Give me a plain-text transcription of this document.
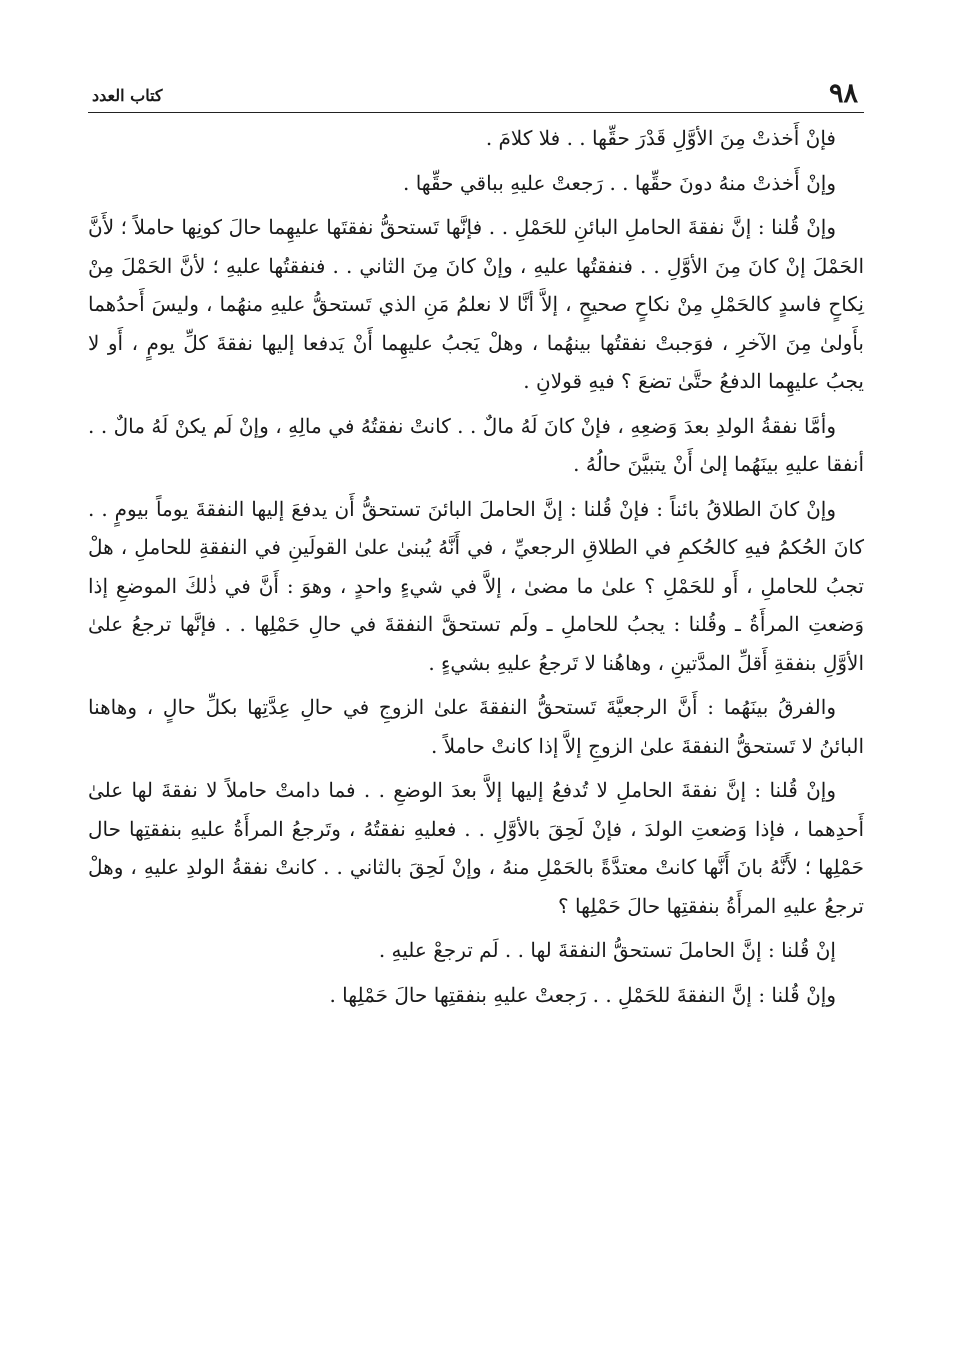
٩٨
كتاب العدد

فإنْ أَخذتْ مِنَ الأوَّلِ قَدْرَ حقِّها . . فلا كلامَ .

وإنْ أَخذتْ منهُ دونَ حقِّها . . رَجعتْ عليهِ بباقي حقِّها .

وإنْ قُلنا : إنَّ نفقةَ الحاملِ البائنِ للحَمْلِ . . فإنَّها تَستحقُّ نفقتَها عليهِما حالَ كونِها حاملاً ؛ لأَنَّ الحَمْلَ إنْ كانَ مِنَ الأوَّلِ . . فنفقتُها عليهِ ، وإنْ كانَ مِنَ الثاني . . فنفقتُها عليهِ ؛ لأنَّ الحَمْلَ مِنْ نِكاحٍ فاسدٍ كالحَمْلِ مِنْ نكاحٍ صحيحٍ ، إلاَّ أنَّا لا نعلمُ مَنِ الذي تَستحقُّ عليهِ منهُما ، وليسَ أَحدُهما بأَولىٰ مِنَ الآخرِ ، فوَجبتْ نفقتُها بينهُما ، وهلْ يَجبُ عليهِما أَنْ يَدفعا إليها نفقةَ كلِّ يومٍ ، أَو لا يجبُ عليهِما الدفعُ حتَّىٰ تضعَ ؟ فيهِ قولانِ .

وأمَّا نفقةُ الولدِ بعدَ وَضعِهِ ، فإنْ كانَ لَهُ مالٌ . . كانتْ نفقتُهُ في مالِهِ ، وإنْ لَم يكنْ لَهُ مالٌ . . أنفقا عليهِ بينَهُما إلىٰ أَنْ يتبيَّنَ حالُهُ .

وإنْ كانَ الطلاقُ بائناً : فإنْ قُلنا : إنَّ الحاملَ البائنَ تستحقُّ أَن يدفعَ إليها النفقةَ يوماً بيومٍ . . كانَ الحُكمُ فيهِ كالحُكمِ في الطلاقِ الرجعيِّ ، في أَنَّهُ يُبنىٰ علىٰ القولَينِ في النفقةِ للحاملِ ، هلْ تجبُ للحاملِ ، أَو للحَمْلِ ؟ علىٰ ما مضىٰ ، إلاَّ في شيءٍ واحدٍ ، وهوَ : أَنَّ في ذٰلكَ الموضعِ إذا وَضعتِ المرأَةُ ـ وقُلنا : يجبُ للحاملِ ـ ولَم تستحقَّ النفقةَ في حالِ حَمْلِها . . فإنَّها ترجعُ علىٰ الأوَّلِ بنفقةِ أَقلِّ المدَّتينِ ، وهاهُنا لا تَرجعُ عليهِ بشيءٍ .

والفرقُ بينَهُما : أَنَّ الرجعيَّةَ تَستحقُّ النفقةَ علىٰ الزوجِ في حالِ عِدَّتِها بكلِّ حالٍ ، وهاهنا البائنُ لا تَستحقُّ النفقةَ علىٰ الزوجِ إلاَّ إذا كانتْ حاملاً .

وإنْ قُلنا : إنَّ نفقةَ الحاملِ لا تُدفعُ إليها إلاَّ بعدَ الوضعِ . . فما دامتْ حاملاً لا نفقةَ لها علىٰ أَحدِهما ، فإذا وَضعتِ الولدَ ، فإنْ لَحِقَ بالأوَّلِ . . فعليهِ نفقتُهُ ، وتَرجعُ المرأَةُ عليهِ بنفقتِها حال حَمْلِها ؛ لأَنَّهُ بانَ أَنَّها كانتْ معتدَّةً بالحَمْلِ منهُ ، وإنْ لَحِقَ بالثاني . . كانتْ نفقةُ الولدِ عليهِ ، وهلْ ترجعُ عليهِ المرأَةُ بنفقتِها حالَ حَمْلِها ؟

إنْ قُلنا : إنَّ الحاملَ تستحقُّ النفقةَ لها . . لَم ترجعْ عليهِ .

وإنْ قُلنا : إنَّ النفقةَ للحَمْلِ . . رَجعتْ عليهِ بنفقتِها حالَ حَمْلِها .
